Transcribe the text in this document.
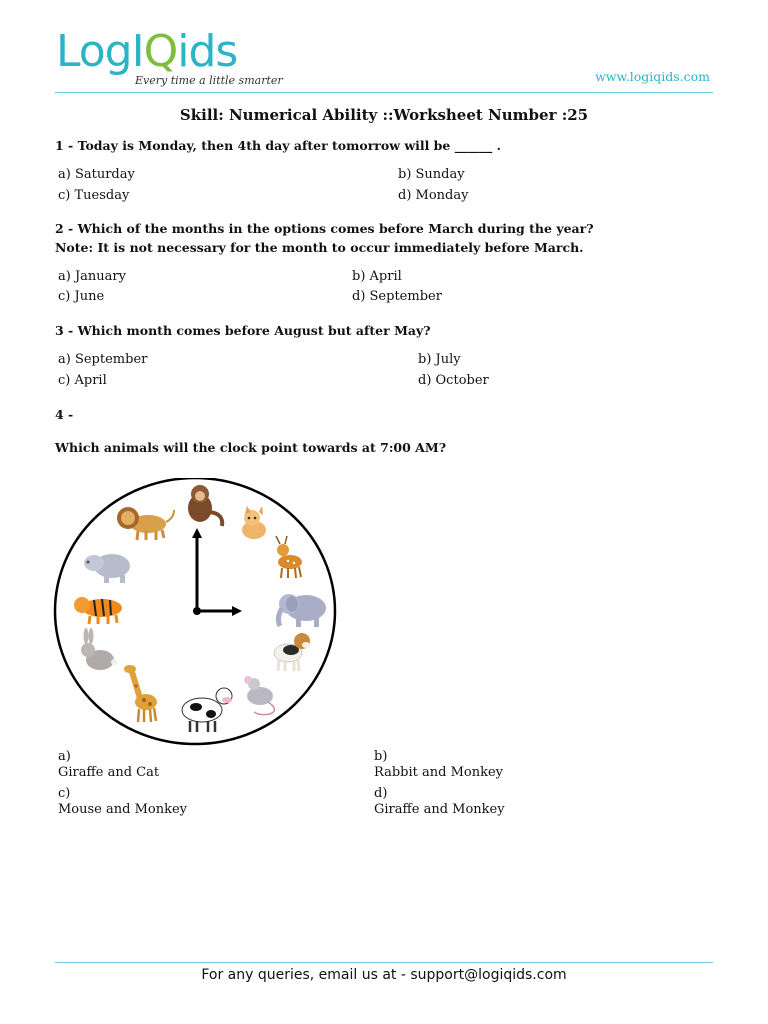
LogIQids
Every time a little smarter	www.logiqids.com
Skill: Numerical Ability ::Worksheet Number :25
1 - Today is Monday, then 4th day after tomorrow will be ______ .
a) Saturday	b) Sunday
c) Tuesday	d) Monday
2 - Which of the months in the options comes before March during the year?
Note: It is not necessary for the month to occur immediately before March.
a) January	b) April
c) June	d) September
3 - Which month comes before August but after May?
a) September	b) July
c) April	d) October
4 -
Which animals will the clock point towards at 7:00 AM?
a)
Giraffe and Cat
b)
Rabbit and Monkey
c)
Mouse and Monkey
d)
Giraffe and Monkey
For any queries, email us at - support@logiqids.com
